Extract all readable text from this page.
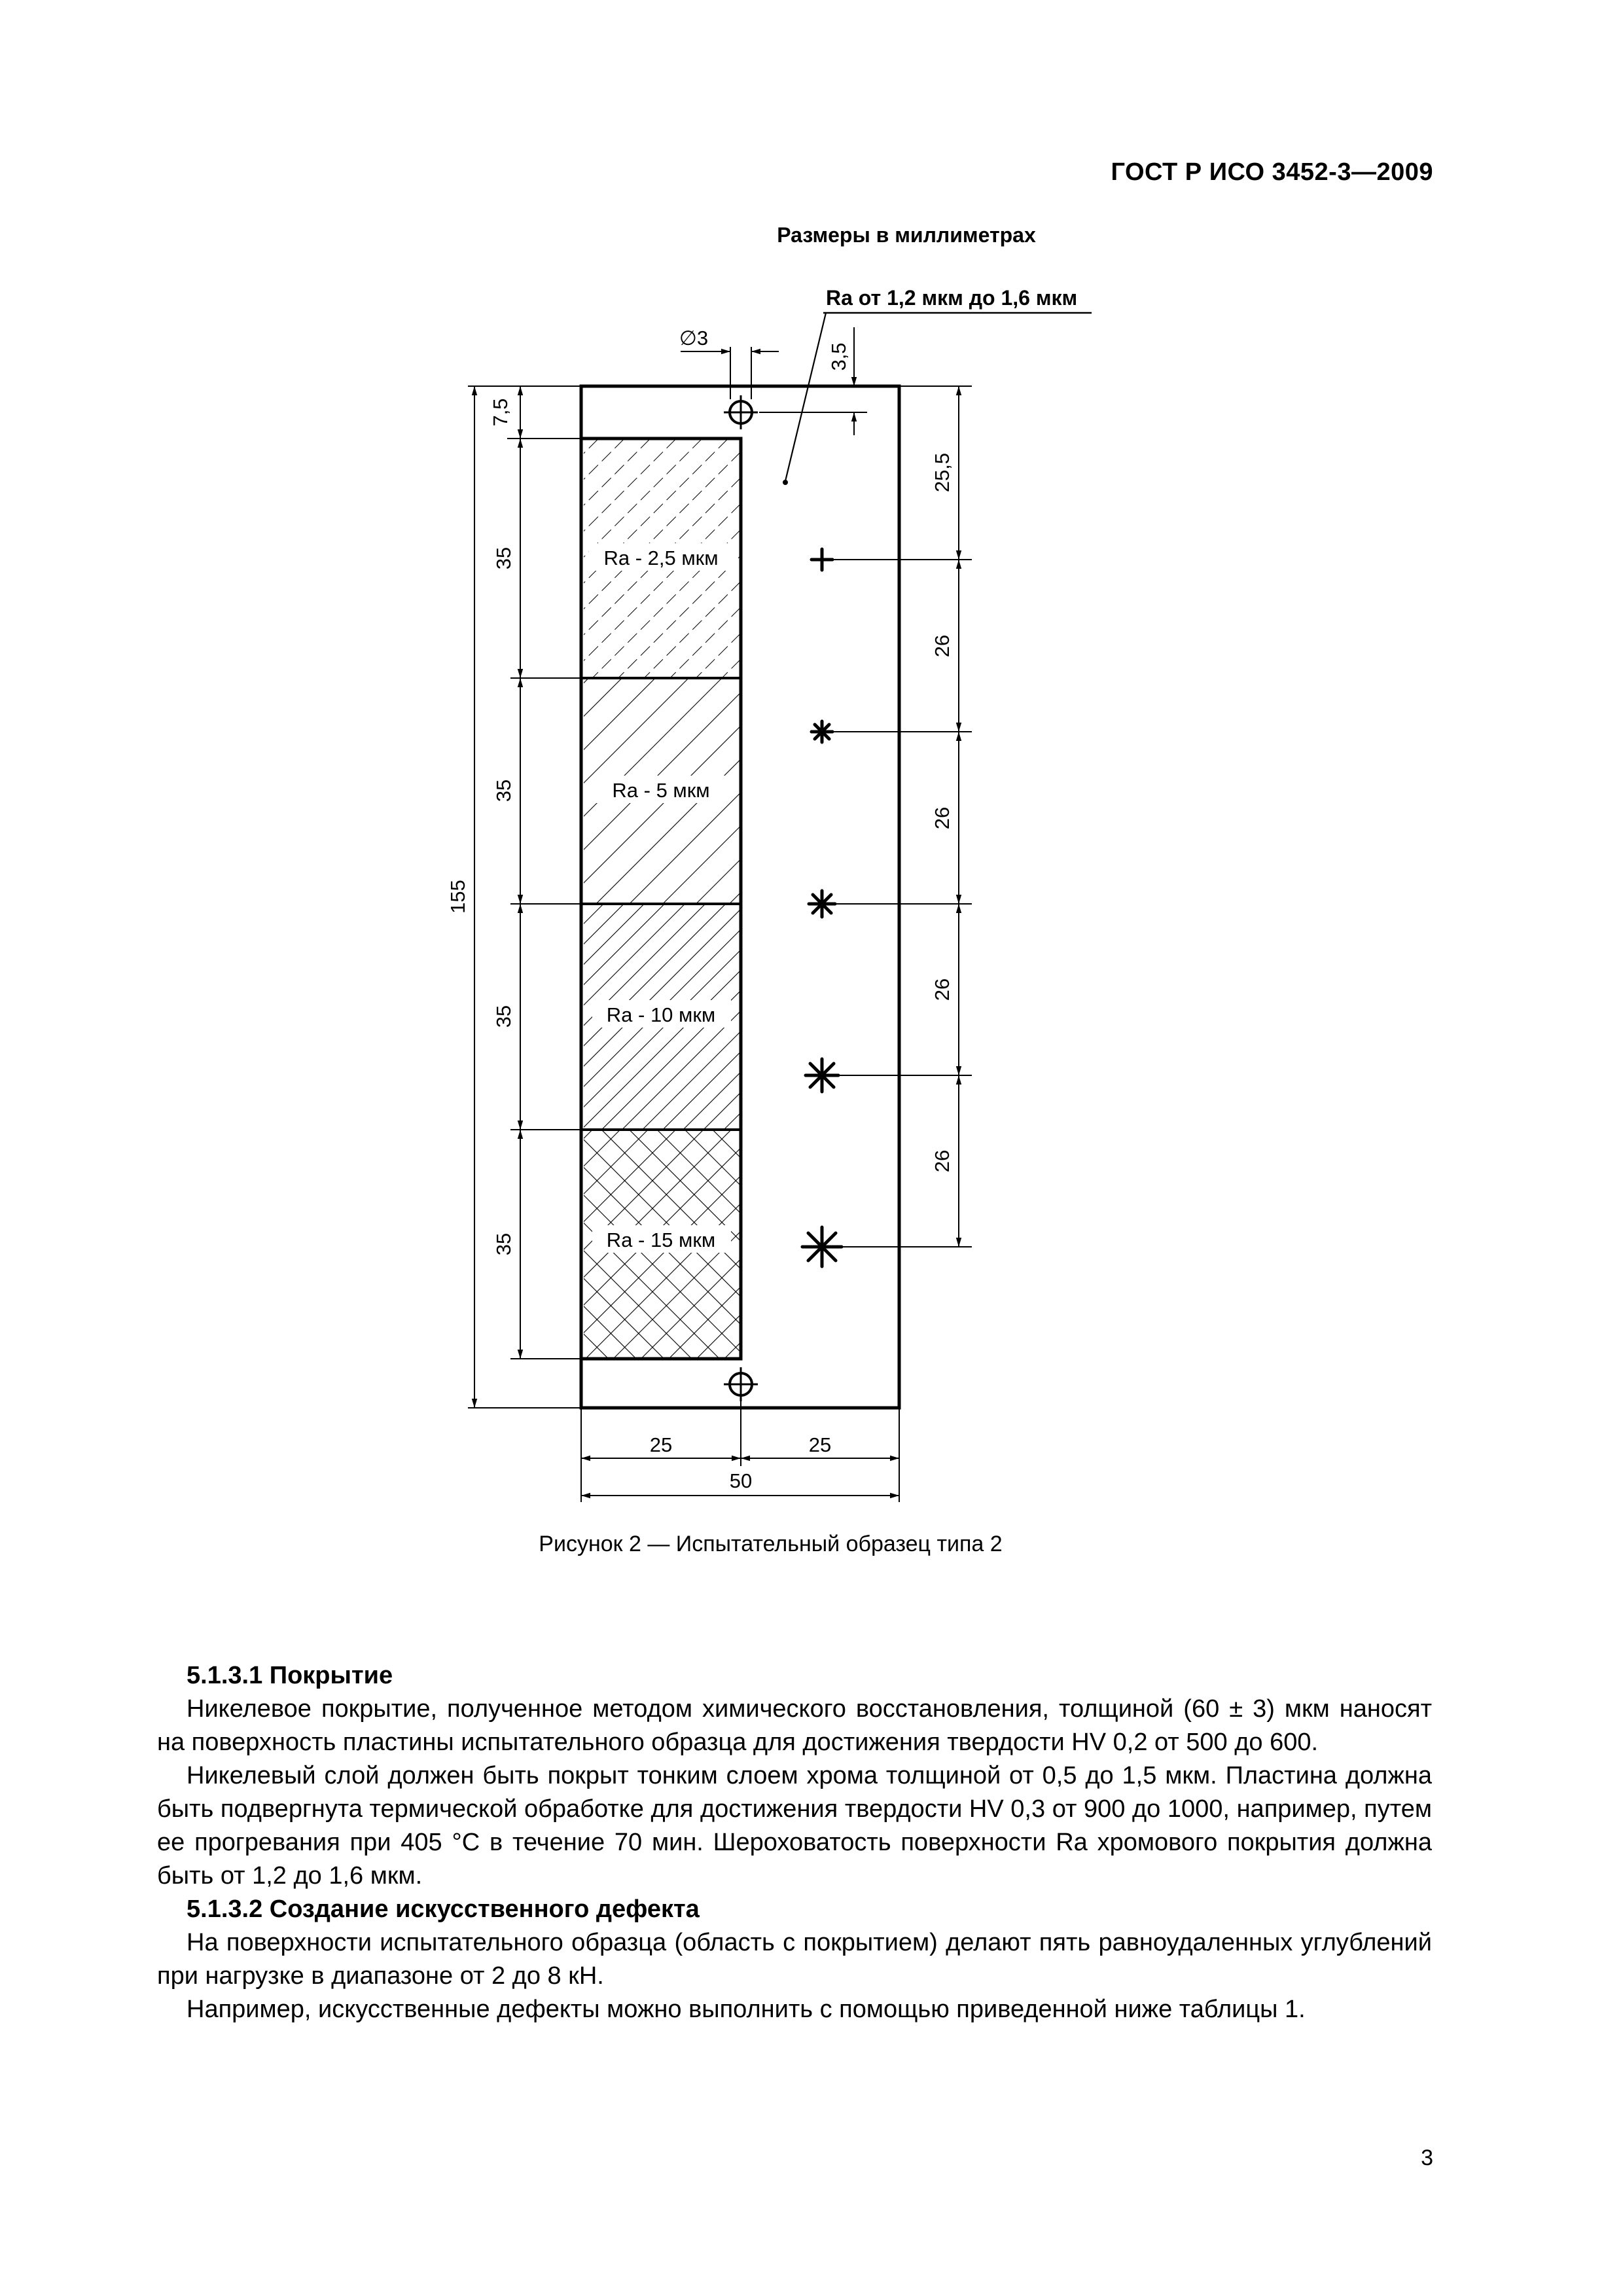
ГОСТ Р ИСО 3452-3—2009
Размеры в миллиметрах
Ra от 1,2 мкм до 1,6 мкм
Ra - 2,5 мкм
Ra - 5 мкм
Ra - 10 мкм
Ra - 15 мкм
∅3
3,5
7,5
35
35
35
35
155
25,5
26
26
26
26
25	25
50
Рисунок 2 — Испытательный образец типа 2

5.1.3.1 Покрытие

Никелевое покрытие, полученное методом химического восстановления, толщиной (60 ± 3) мкм наносят на поверхность пластины испытательного образца для достижения твердости HV 0,2 от 500 до 600.

Никелевый слой должен быть покрыт тонким слоем хрома толщиной от 0,5 до 1,5 мкм. Пластина должна быть подвергнута термической обработке для достижения твердости HV 0,3 от 900 до 1000, например, путем ее прогревания при 405 °С в течение 70 мин. Шероховатость поверхности Ra хромового покрытия должна быть от 1,2 до 1,6 мкм.

5.1.3.2 Создание искусственного дефекта

На поверхности испытательного образца (область с покрытием) делают пять равноудаленных углублений при нагрузке в диапазоне от 2 до 8 кН.

Например, искусственные дефекты можно выполнить с помощью приведенной ниже таблицы 1.

3
